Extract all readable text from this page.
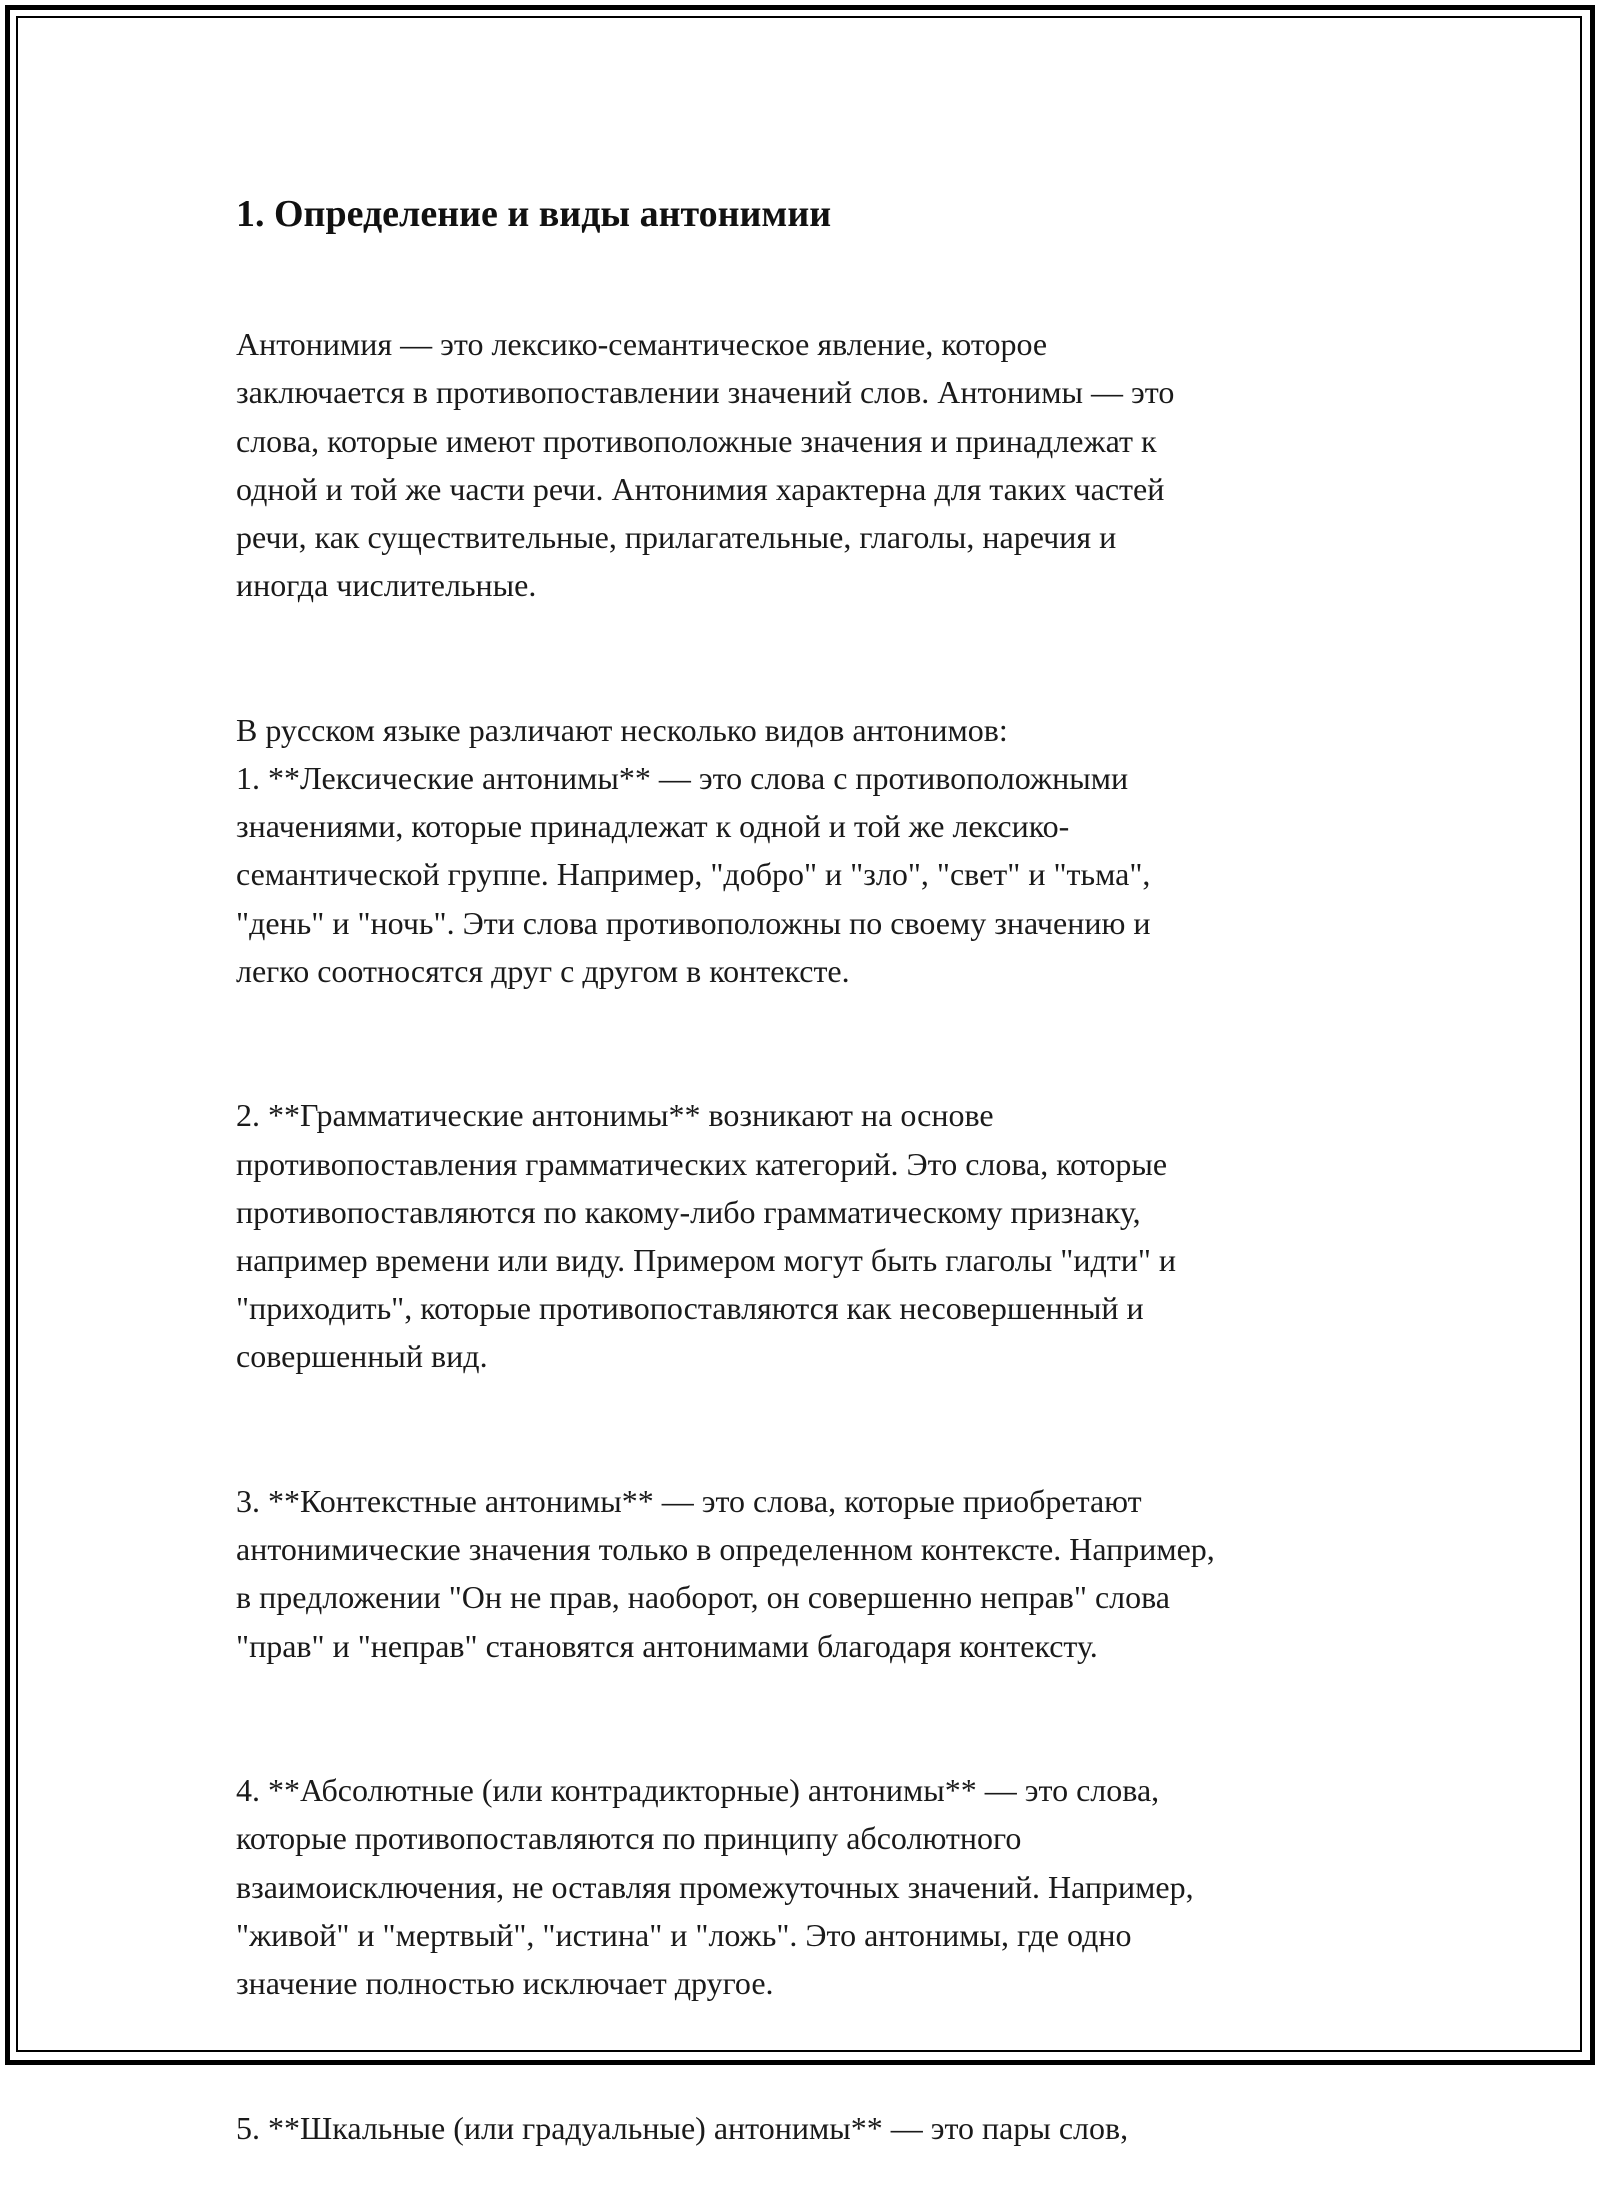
1. Определение и виды антонимии

Антонимия — это лексико-семантическое явление, которое
заключается в противопоставлении значений слов. Антонимы — это
слова, которые имеют противоположные значения и принадлежат к
одной и той же части речи. Антонимия характерна для таких частей
речи, как существительные, прилагательные, глаголы, наречия и
иногда числительные.

В русском языке различают несколько видов антонимов:
1. **Лексические антонимы** — это слова с противоположными
значениями, которые принадлежат к одной и той же лексико-
семантической группе. Например, "добро" и "зло", "свет" и "тьма",
"день" и "ночь". Эти слова противоположны по своему значению и
легко соотносятся друг с другом в контексте.

2. **Грамматические антонимы** возникают на основе
противопоставления грамматических категорий. Это слова, которые
противопоставляются по какому-либо грамматическому признаку,
например времени или виду. Примером могут быть глаголы "идти" и
"приходить", которые противопоставляются как несовершенный и
совершенный вид.

3. **Контекстные антонимы** — это слова, которые приобретают
антонимические значения только в определенном контексте. Например,
в предложении "Он не прав, наоборот, он совершенно неправ" слова
"прав" и "неправ" становятся антонимами благодаря контексту.

4. **Абсолютные (или контрадикторные) антонимы** — это слова,
которые противопоставляются по принципу абсолютного
взаимоисключения, не оставляя промежуточных значений. Например,
"живой" и "мертвый", "истина" и "ложь". Это антонимы, где одно
значение полностью исключает другое.

5. **Шкальные (или градуальные) антонимы** — это пары слов,
